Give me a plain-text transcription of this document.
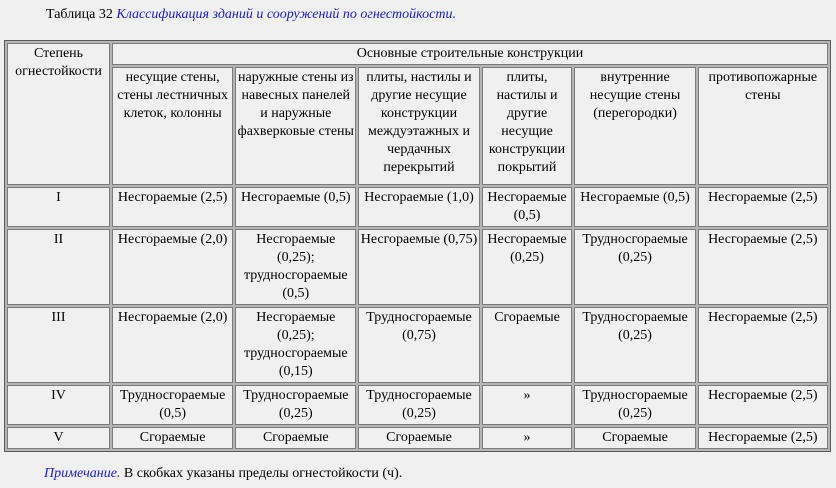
Таблица 32 Классификация зданий и сооружений по огнестойкости.
Степень огнестойкости	Основные строительные конструкции					
	несущие стены, стены лестничных клеток, колонны	наружные стены из навесных панелей и наружные фахверковые стены	плиты, настилы и другие несущие конструкции междуэтажных и чердачных перекрытий	плиты, настилы и другие несущие конструкции покрытий	внутренние несущие стены (перегородки)	противопожарные стены
I	Несгораемые (2,5)	Несгораемые (0,5)	Несгораемые (1,0)	Несгораемые (0,5)	Несгораемые (0,5)	Несгораемые (2,5)
II	Несгораемые (2,0)	Несгораемые (0,25); трудносгораемые (0,5)	Несгораемые (0,75)	Несгораемые (0,25)	Трудносгораемые (0,25)	Несгораемые (2,5)
III	Несгораемые (2,0)	Несгораемые (0,25); трудносгораемые (0,15)	Трудносгораемые (0,75)	Сгораемые	Трудносгораемые (0,25)	Несгораемые (2,5)
IV	Трудносгораемые (0,5)	Трудносгораемые (0,25)	Трудносгораемые (0,25)	»	Трудносгораемые (0,25)	Несгораемые (2,5)
V	Сгораемые	Сгораемые	Сгораемые	»	Сгораемые	Несгораемые (2,5)
Примечание. В скобках указаны пределы огнестойкости (ч).
